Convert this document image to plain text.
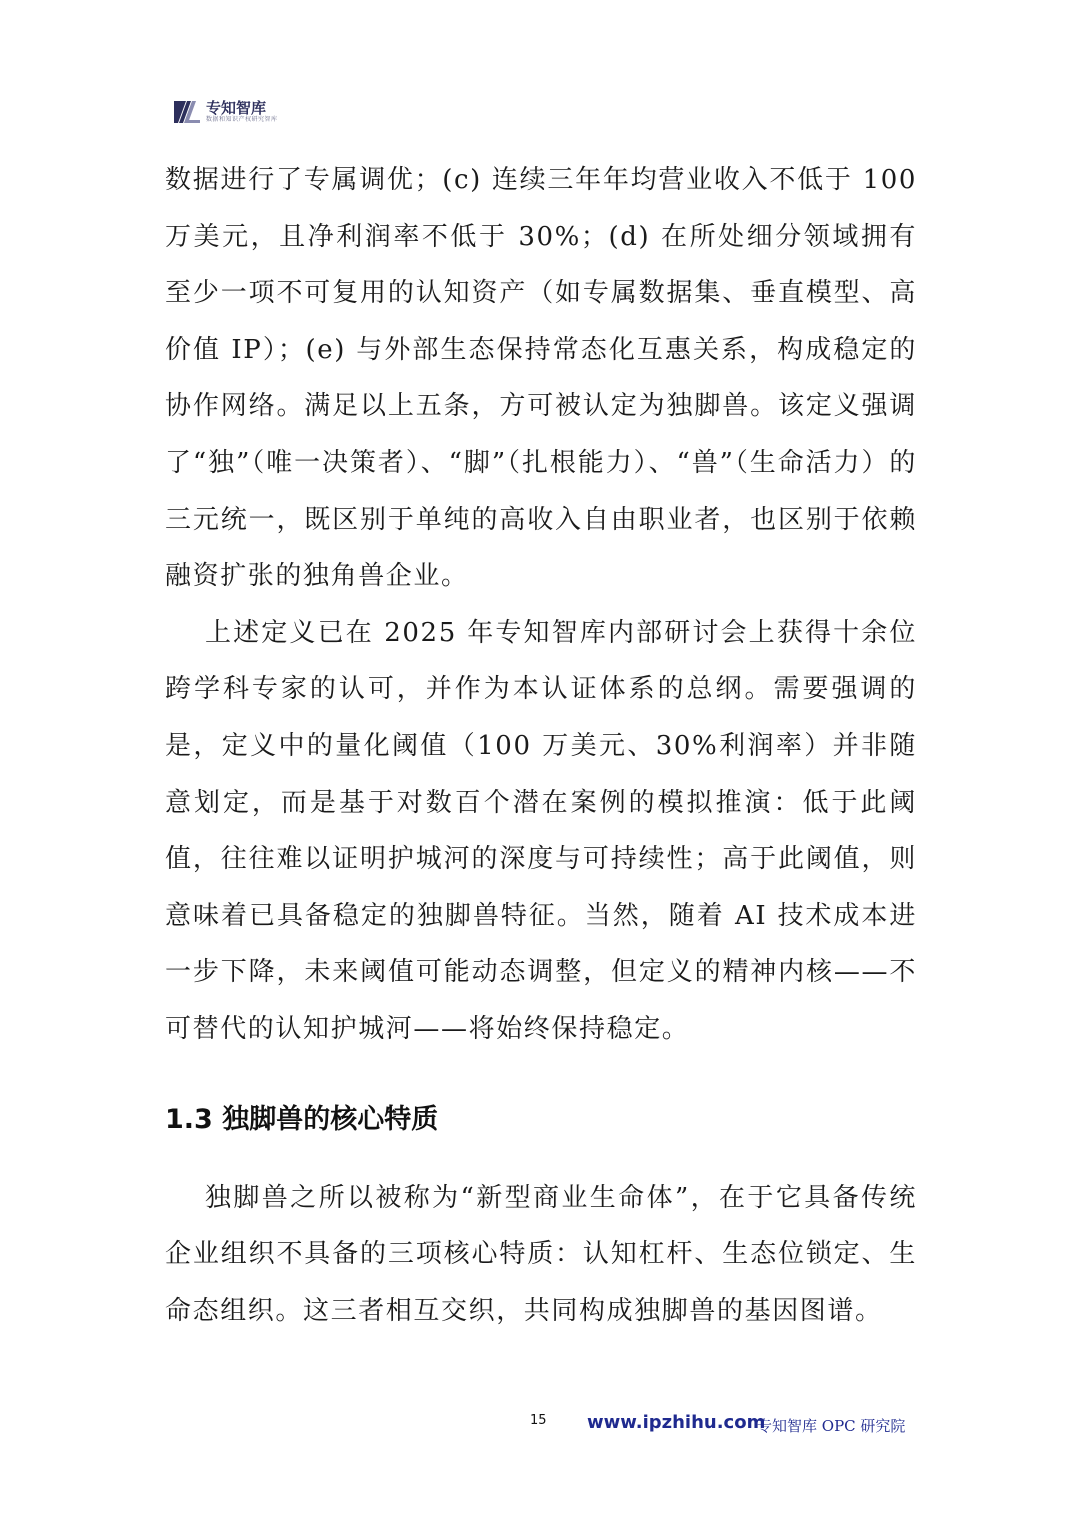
专知智库
数据和知识产权研究智库

数据进行了专属调优；(c) 连续三年年均营业收入不低于 100 万美元，且净利润率不低于 30%；(d) 在所处细分领域拥有至少一项不可复用的认知资产（如专属数据集、垂直模型、高价值 IP）；(e) 与外部生态保持常态化互惠关系，构成稳定的协作网络。满足以上五条，方可被认定为独脚兽。该定义强调了“独”（唯一决策者）、“脚”（扎根能力）、“兽”（生命活力）的三元统一，既区别于单纯的高收入自由职业者，也区别于依赖融资扩张的独角兽企业。

上述定义已在 2025 年专知智库内部研讨会上获得十余位跨学科专家的认可，并作为本认证体系的总纲。需要强调的是，定义中的量化阈值（100 万美元、30%利润率）并非随意划定，而是基于对数百个潜在案例的模拟推演：低于此阈值，往往难以证明护城河的深度与可持续性；高于此阈值，则意味着已具备稳定的独脚兽特征。当然，随着 AI 技术成本进一步下降，未来阈值可能动态调整，但定义的精神内核——不可替代的认知护城河——将始终保持稳定。

1.3 独脚兽的核心特质

独脚兽之所以被称为“新型商业生命体”，在于它具备传统企业组织不具备的三项核心特质：认知杠杆、生态位锁定、生命态组织。这三者相互交织，共同构成独脚兽的基因图谱。

15 www.ipzhihu.com
专知智库 OPC 研究院
